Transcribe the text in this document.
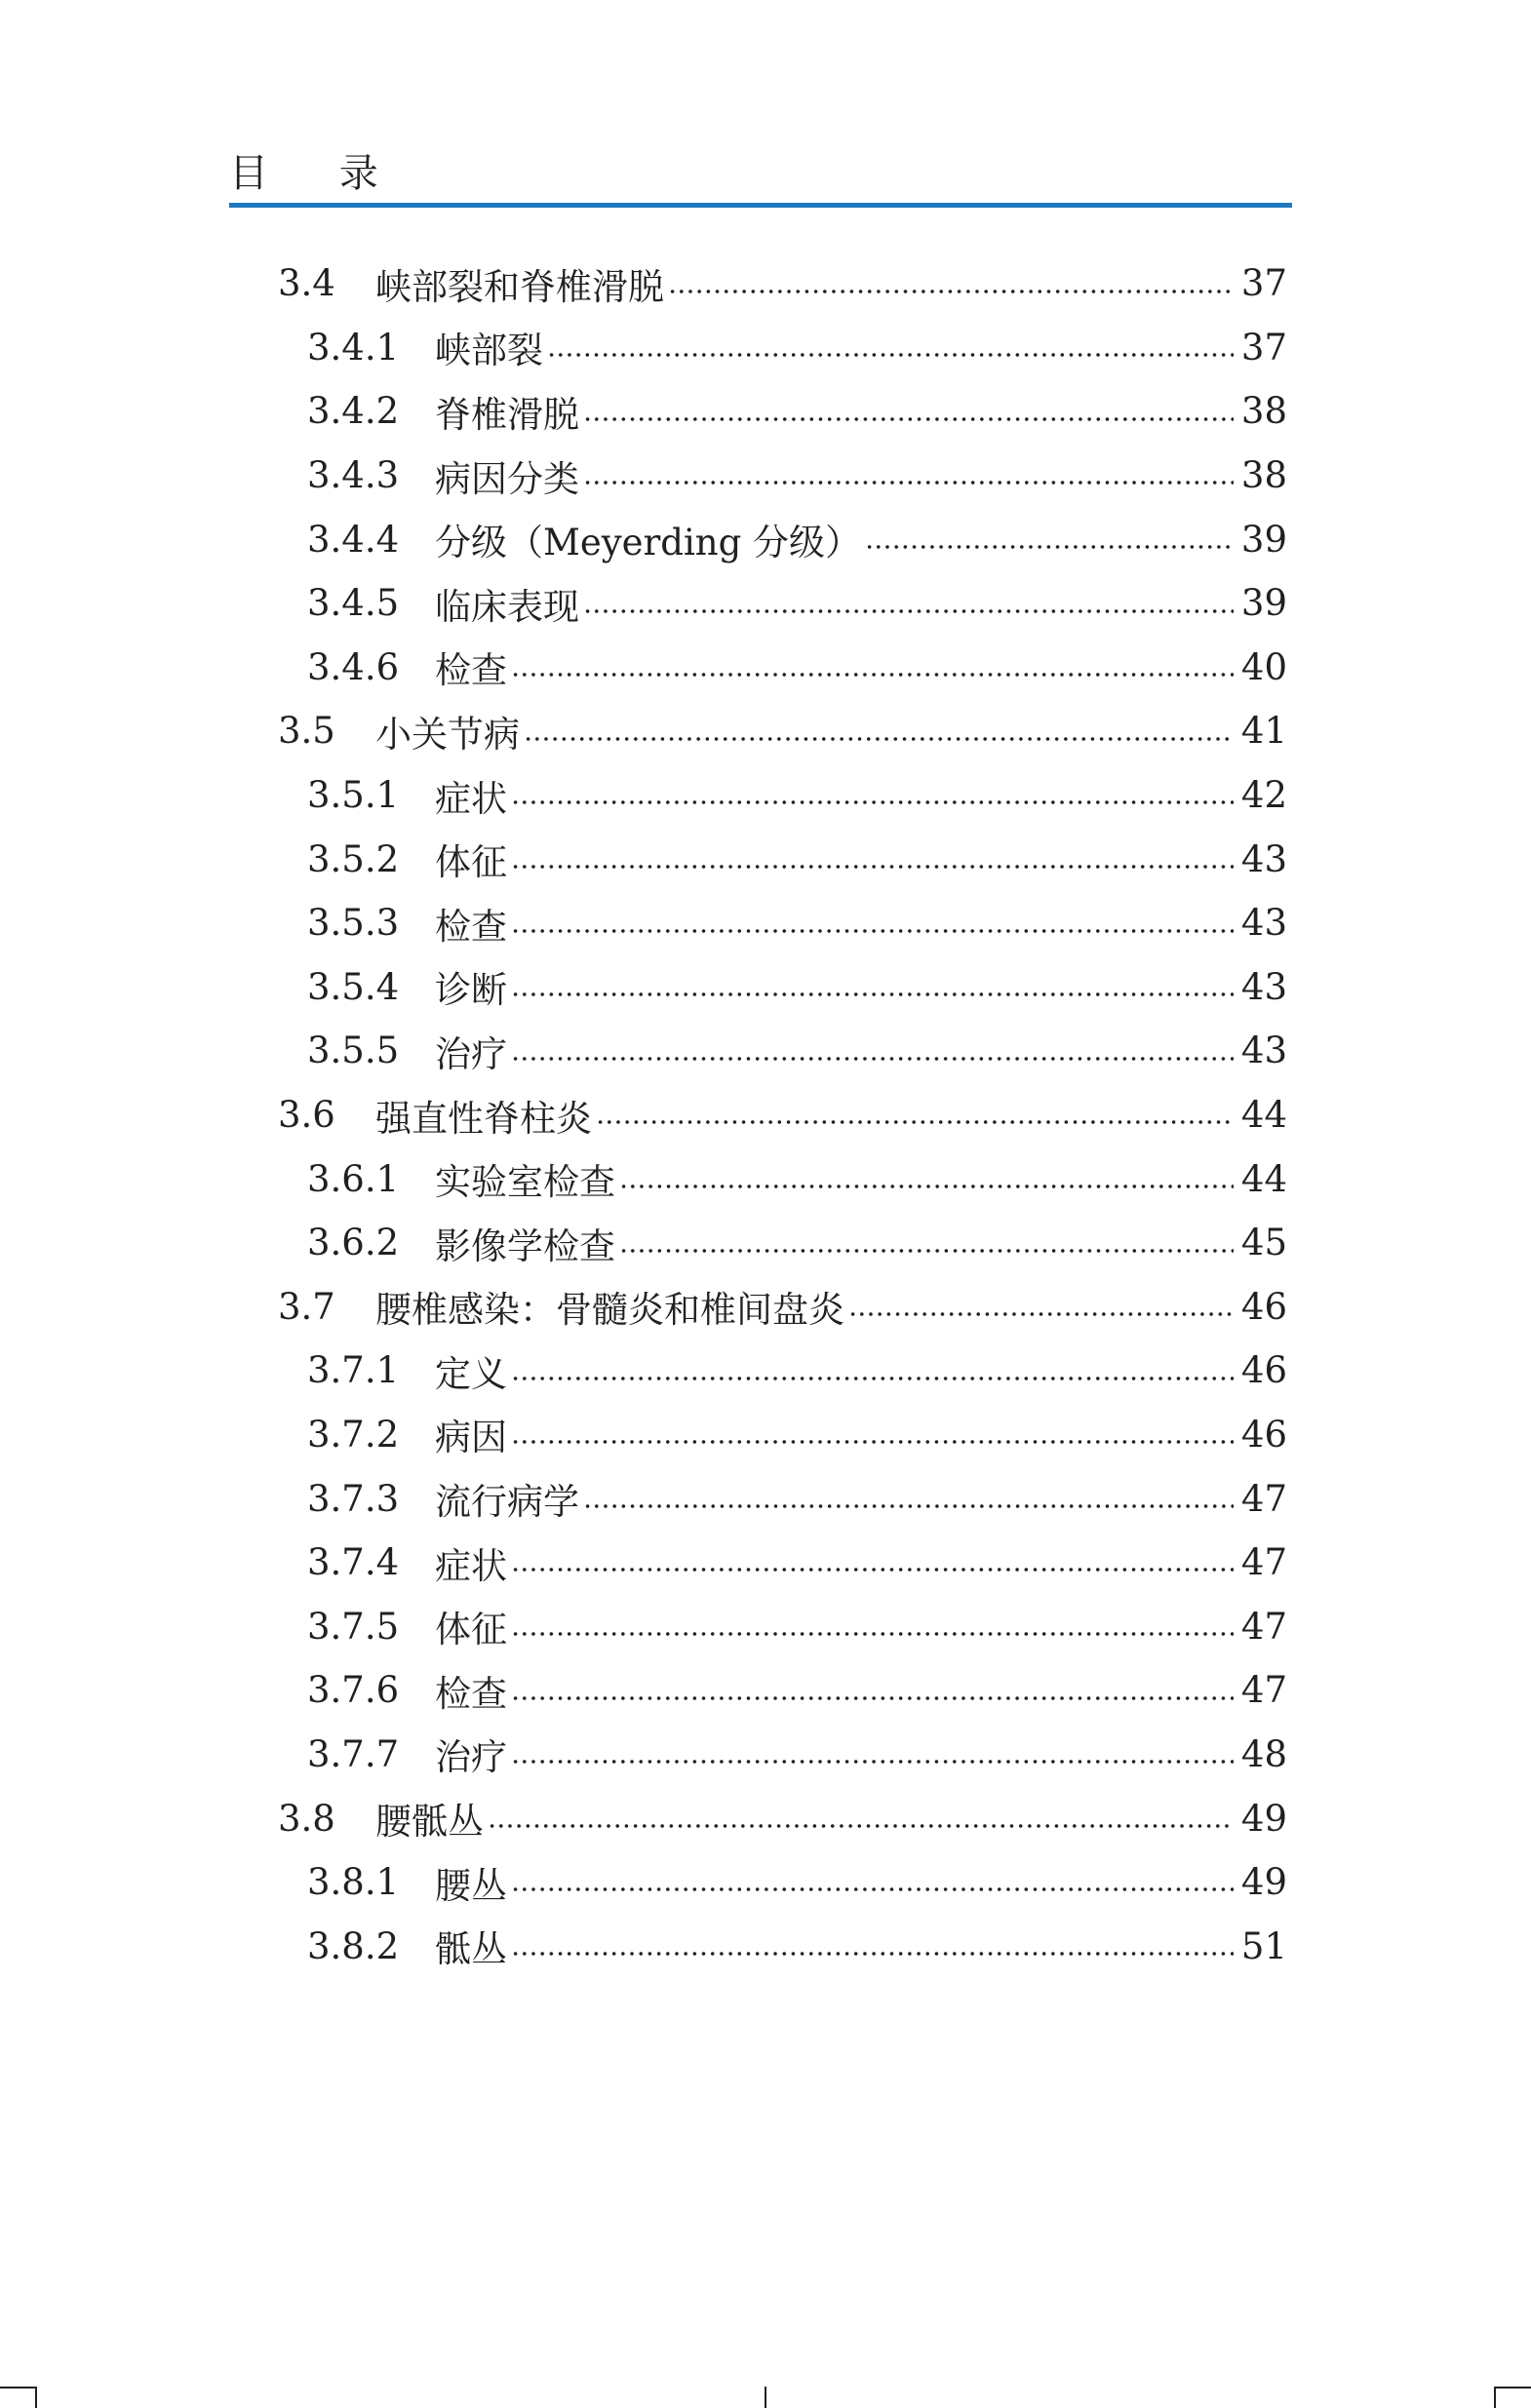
目 录
3.4	峡部裂和脊椎滑脱	37
3.4.1 峡部裂	37
3.4.2 脊椎滑脱	38
3.4.3 病因分类	38
3.4.4 分级（Meyerding 分级）	39
3.4.5 临床表现	39
3.4.6 检查	40
3.5	小关节病	41
3.5.1 症状	42
3.5.2 体征	43
3.5.3 检查	43
3.5.4 诊断	43
3.5.5 治疗	43
3.6	强直性脊柱炎	44
3.6.1 实验室检查	44
3.6.2 影像学检查	45
3.7	腰椎感染：骨髓炎和椎间盘炎	46
3.7.1 定义	46
3.7.2 病因	46
3.7.3 流行病学	47
3.7.4 症状	47
3.7.5 体征	47
3.7.6 检查	47
3.7.7 治疗	48
3.8	腰骶丛	49
3.8.1 腰丛	49
3.8.2 骶丛	51
